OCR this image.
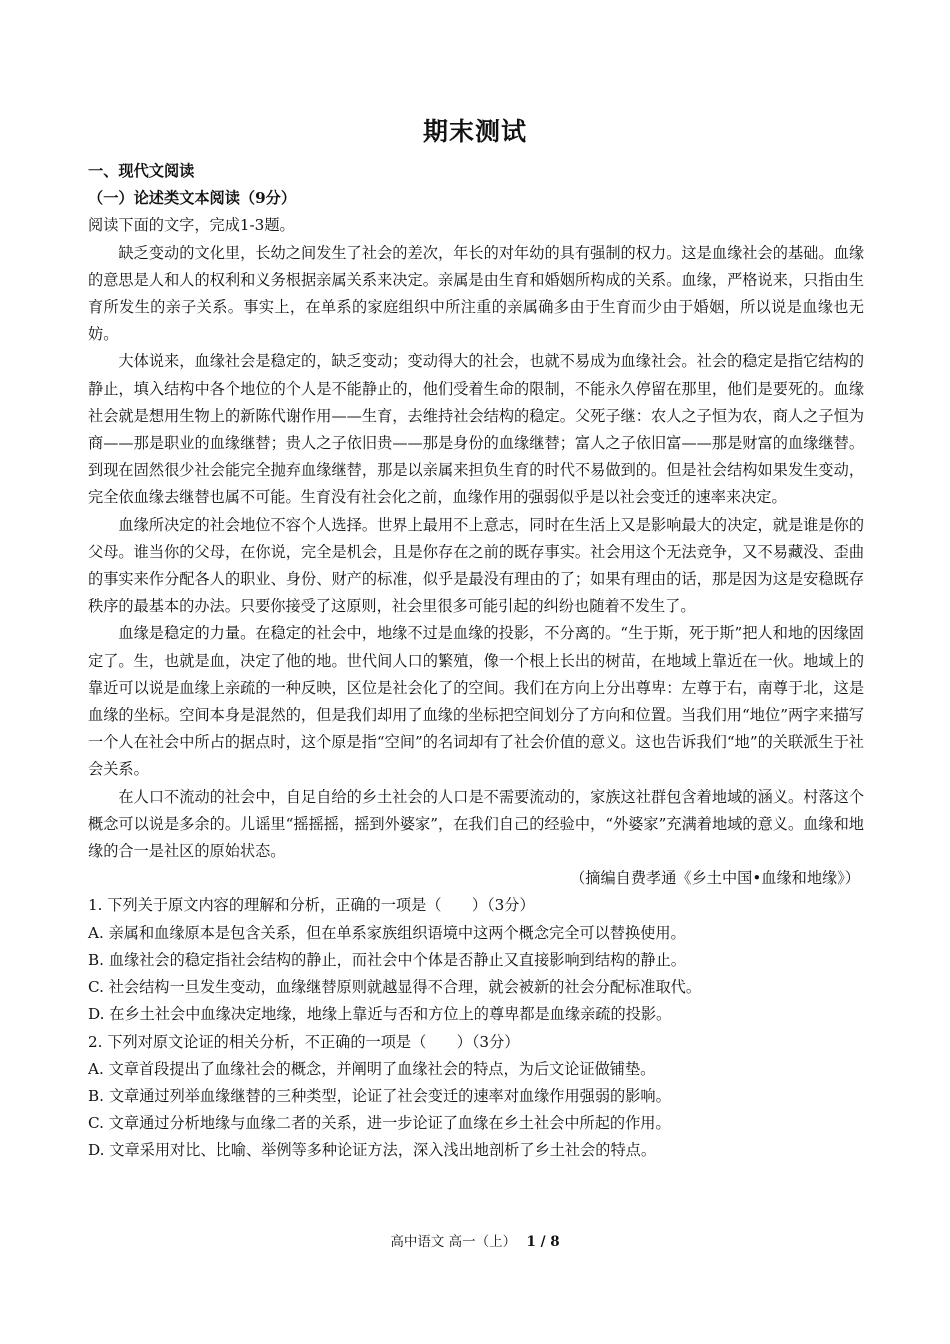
期末测试
一、现代文阅读
（一）论述类文本阅读（9分）
阅读下面的文字，完成1-3题。
缺乏变动的文化里，长幼之间发生了社会的差次，年长的对年幼的具有强制的权力。这是血缘社会的基础。血缘的意思是人和人的权利和义务根据亲属关系来决定。亲属是由生育和婚姻所构成的关系。血缘，严格说来，只指由生育所发生的亲子关系。事实上，在单系的家庭组织中所注重的亲属确多由于生育而少由于婚姻，所以说是血缘也无妨。
大体说来，血缘社会是稳定的，缺乏变动；变动得大的社会，也就不易成为血缘社会。社会的稳定是指它结构的静止，填入结构中各个地位的个人是不能静止的，他们受着生命的限制，不能永久停留在那里，他们是要死的。血缘社会就是想用生物上的新陈代谢作用——生育，去维持社会结构的稳定。父死子继：农人之子恒为农，商人之子恒为商——那是职业的血缘继替；贵人之子依旧贵——那是身份的血缘继替；富人之子依旧富——那是财富的血缘继替。到现在固然很少社会能完全抛弃血缘继替，那是以亲属来担负生育的时代不易做到的。但是社会结构如果发生变动，完全依血缘去继替也属不可能。生育没有社会化之前，血缘作用的强弱似乎是以社会变迁的速率来决定。
血缘所决定的社会地位不容个人选择。世界上最用不上意志，同时在生活上又是影响最大的决定，就是谁是你的父母。谁当你的父母，在你说，完全是机会，且是你存在之前的既存事实。社会用这个无法竞争，又不易藏没、歪曲的事实来作分配各人的职业、身份、财产的标准，似乎是最没有理由的了；如果有理由的话，那是因为这是安稳既存秩序的最基本的办法。只要你接受了这原则，社会里很多可能引起的纠纷也随着不发生了。
血缘是稳定的力量。在稳定的社会中，地缘不过是血缘的投影，不分离的。“生于斯，死于斯”把人和地的因缘固定了。生，也就是血，决定了他的地。世代间人口的繁殖，像一个根上长出的树苗，在地域上靠近在一伙。地域上的靠近可以说是血缘上亲疏的一种反映，区位是社会化了的空间。我们在方向上分出尊卑：左尊于右，南尊于北，这是血缘的坐标。空间本身是混然的，但是我们却用了血缘的坐标把空间划分了方向和位置。当我们用“地位”两字来描写一个人在社会中所占的据点时，这个原是指“空间”的名词却有了社会价值的意义。这也告诉我们“地”的关联派生于社会关系。
在人口不流动的社会中，自足自给的乡土社会的人口是不需要流动的，家族这社群包含着地域的涵义。村落这个概念可以说是多余的。儿谣里“摇摇摇，摇到外婆家”，在我们自己的经验中，“外婆家”充满着地域的意义。血缘和地缘的合一是社区的原始状态。
（摘编自费孝通《乡土中国•血缘和地缘》）
1. 下列关于原文内容的理解和分析，正确的一项是（　　）（3分）
A. 亲属和血缘原本是包含关系，但在单系家族组织语境中这两个概念完全可以替换使用。
B. 血缘社会的稳定指社会结构的静止，而社会中个体是否静止又直接影响到结构的静止。
C. 社会结构一旦发生变动，血缘继替原则就越显得不合理，就会被新的社会分配标准取代。
D. 在乡土社会中血缘决定地缘，地缘上靠近与否和方位上的尊卑都是血缘亲疏的投影。
2. 下列对原文论证的相关分析，不正确的一项是（　　）（3分）
A. 文章首段提出了血缘社会的概念，并阐明了血缘社会的特点，为后文论证做铺垫。
B. 文章通过列举血缘继替的三种类型，论证了社会变迁的速率对血缘作用强弱的影响。
C. 文章通过分析地缘与血缘二者的关系，进一步论证了血缘在乡土社会中所起的作用。
D. 文章采用对比、比喻、举例等多种论证方法，深入浅出地剖析了乡土社会的特点。
高中语文 高一（上） 1 / 8
